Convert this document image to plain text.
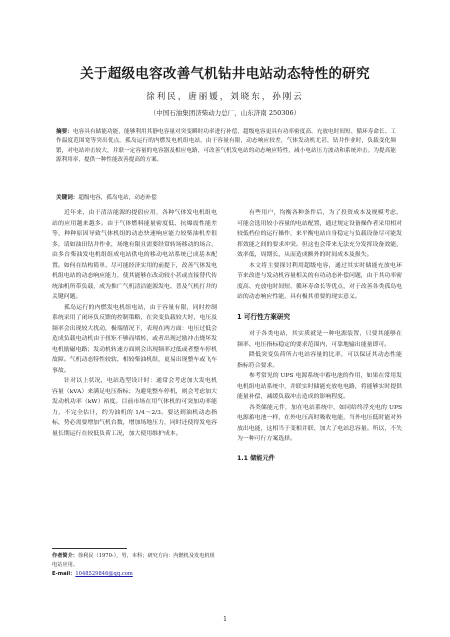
关于超级电容改善气机钻井电站动态特性的研究
徐利民，唐丽媛，刘晓东，孙刚云
（中国石油集团济柴动力总厂，山东济南 250306）
摘要：电容具有储能功能，能够利用其静电容量对突变瞬时功率进行补偿，超级电容更具有功率密度高、充放电时间短、循环寿命长、工作温度范围宽等突出优点。孤岛运行的内燃发电机组电站，由于容量有限，动态响应较差，气体发动机尤甚，钻井作业时，负载变化频繁，对电站冲击较大，并联一定容量的电容器及相应电路，可改善气机发电站的动态响应特性，减小电站压力波动和系统冲击。为提高能源利用率，提供一种性能改善提高的方案。
关键词：超级电容，孤岛电站，动态补偿

近年来，由于清洁能源的提倡应用，各种气体发电机组电站的应用越来越多。由于气体燃料能量密度低、抗爆震性能差等，种种原因导致气体机组的动态快速响应能力较柴油机差很多，请如油田钻井作业，场地有限且需要经常转场移动的场合，由多台柴油发电机组组成电站供电的移动电站系统已成基本配置。如何在结构简单、尽可能经济实用的前提下，改善气体发电机组电站的动态响应能力，使其能够在改动较小甚或直接替代传统油机所带负载，成为推广气机清洁能源发电、普及气机打井的关键问题。

孤岛运行的内燃发电机组电站，由于容量有限，同时控制系统采用了闭环负反馈的控制策略，在突变负载较大时，电压及频率会出现较大扰动，极端情况下，表现在两方面：电压过低会造成负载电动机由于扭矩不够而堵转，或者出现过励冲击烧坏发电机励磁电路；发动机转速方面则会出现频率过低或者整车停机故障。气机动态特性较软，相较柴油机组，更易出现整车或飞车事故。

针对以上状况，电站选型设计时：通常会考虑加大发电机容量（kVA）来满足电压指标；为避免整车停机，则会考虑加大发动机功率（kW）裕度。目前市场在用气体机的可突加功率能力，不完全估计，约为油机的 1/4～2/3。要达到油机动态指标，势必需要增加气机台数，增加场地压力，同时还使得发电容量长期运行在较低负荷工况，加大使用维护成本。

有些用户，均衡各种条件后，为了投资成本及规模考虑，可能会选用较小容量的电站配置，通过规定设备操作者采用相对较低档位的运行操作，来平衡电站自身稳定与负载设备尽可能发挥效能之间的要求冲突。但这也会带来无法充分发挥设备效能，效率低，周期长，从而造成额外的时间成本及损失。

本文将主要探讨利用超级电容，通过其实时储能充放电环节来改进与发动机容量相关的有功动态补偿问题，由于其功率密度高、充放电时间短、循环寿命长等优点，对于改善各类孤岛电站的动态响应性能，具有极其重要的现实意义。

1 可行性方案研究

对于各类电站，其实质就是一种电源装置，只要其能够在频率、电压指标稳定的要求范围内，可靠地输出能量即可。

降低突变负荷所占电站容量的比率，可以保证其动态性能指标符合要求。

参考常见的 UPS 电源系统中蓄电池的作用，如果在常用发电机组电站系统中，并联实时储能充放电电路，将能够实时提供能量补偿，减缓负载冲击造成的影响程度。

各类储能元件，加在电站系统中，如同给终浮充电的 UPS 电源蓄电池一样，在外电压高时吸收电能，当外电压低时能对外放出电能，这相当于变相并联、加大了电站总容量。所以，不失为一种可行方案选择。

1.1 储能元件
作者简介：徐利民（1970-），男，本科；研究方向：内燃机及发电机组电站应用。
E-mail：1048529846@qq.com
1
